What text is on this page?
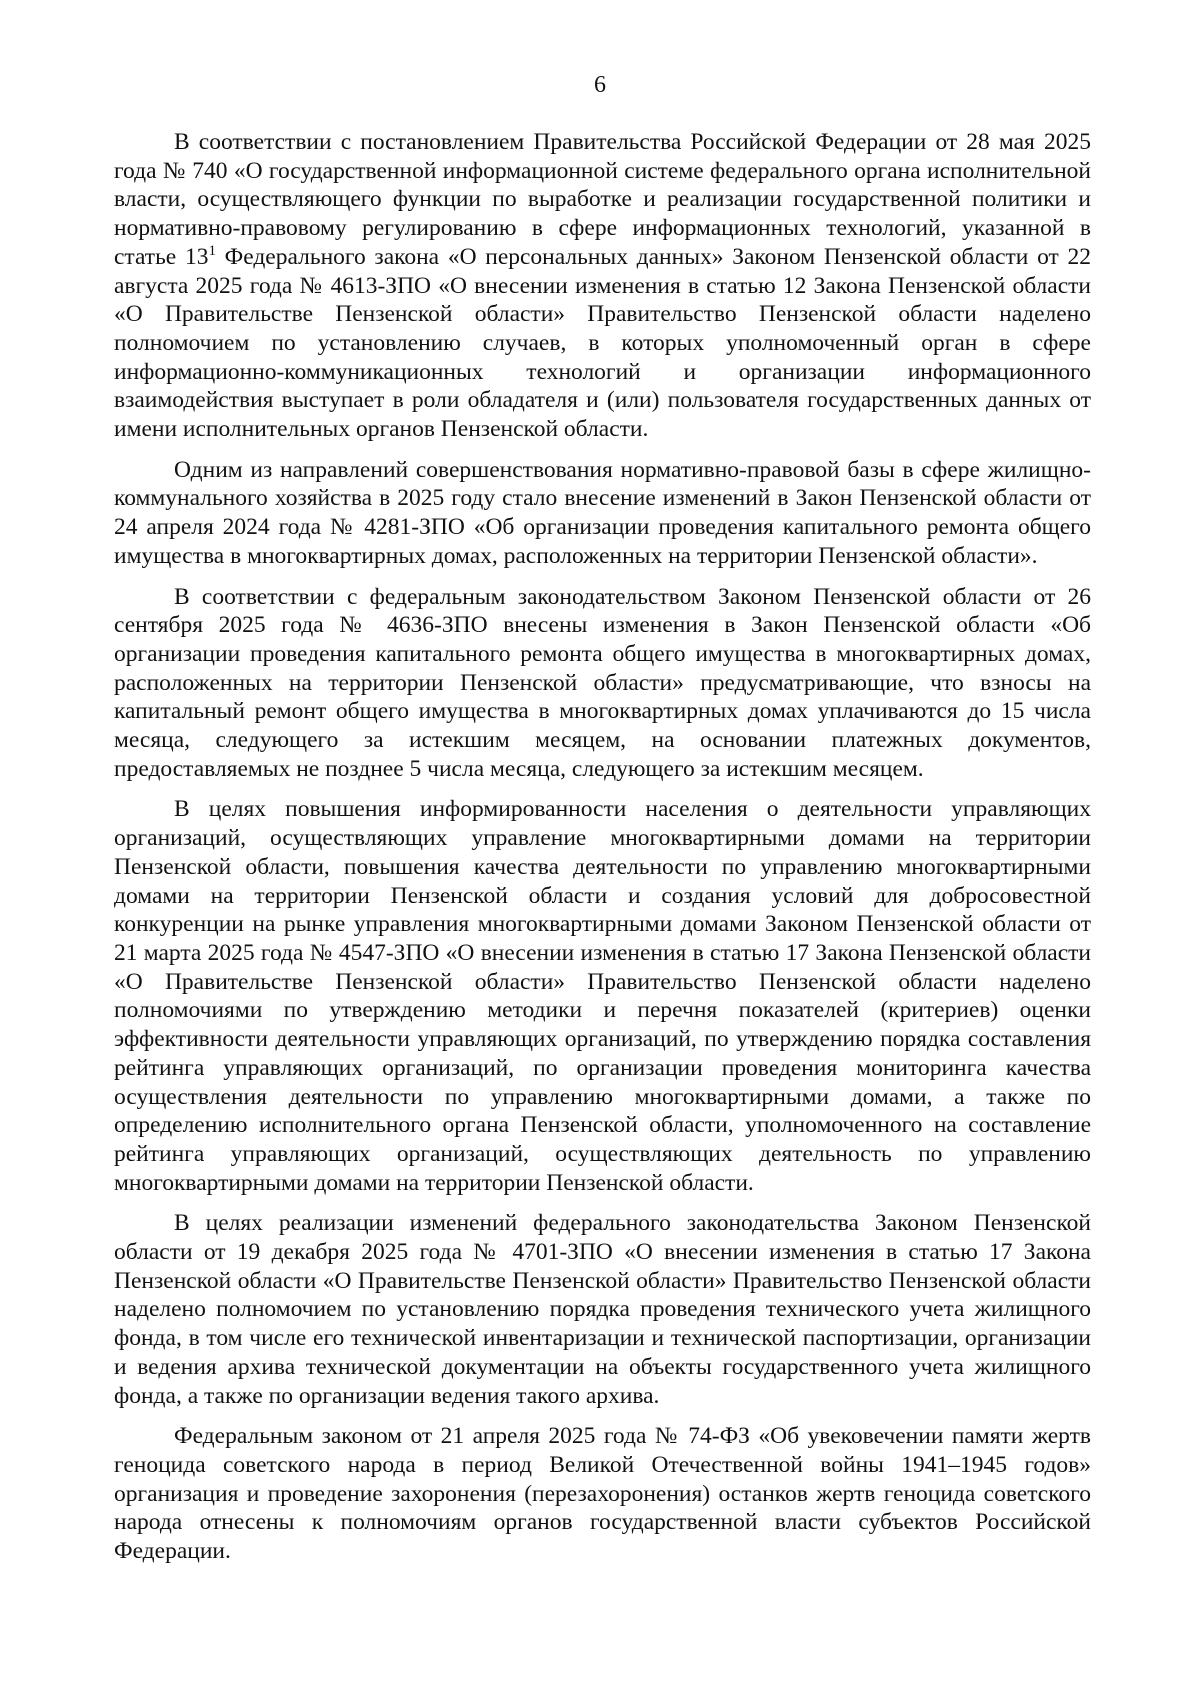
6

В соответствии с постановлением Правительства Российской Федерации от 28 мая 2025 года № 740 «О государственной информационной системе федерального органа исполнительной власти, осуществляющего функции по выработке и реализации государственной политики и нормативно-правовому регулированию в сфере информационных технологий, указанной в статье $13^1$ Федерального закона «О персональных данных» Законом Пензенской области от 22 августа 2025 года № 4613-ЗПО «О внесении изменения в статью 12 Закона Пензенской области «О Правительстве Пензенской области» Правительство Пензенской области наделено полномочием по установлению случаев, в которых уполномоченный орган в сфере информационно-коммуникационных технологий и организации информационного взаимодействия выступает в роли обладателя и (или) пользователя государственных данных от имени исполнительных органов Пензенской области.

Одним из направлений совершенствования нормативно-правовой базы в сфере жилищно-коммунального хозяйства в 2025 году стало внесение изменений в Закон Пензенской области от 24 апреля 2024 года № 4281-ЗПО «Об организации проведения капитального ремонта общего имущества в многоквартирных домах, расположенных на территории Пензенской области».

В соответствии с федеральным законодательством Законом Пензенской области от 26 сентября 2025 года № 4636-ЗПО внесены изменения в Закон Пензенской области «Об организации проведения капитального ремонта общего имущества в многоквартирных домах, расположенных на территории Пензенской области» предусматривающие, что взносы на капитальный ремонт общего имущества в многоквартирных домах уплачиваются до 15 числа месяца, следующего за истекшим месяцем, на основании платежных документов, предоставляемых не позднее 5 числа месяца, следующего за истекшим месяцем.

В целях повышения информированности населения о деятельности управляющих организаций, осуществляющих управление многоквартирными домами на территории Пензенской области, повышения качества деятельности по управлению многоквартирными домами на территории Пензенской области и создания условий для добросовестной конкуренции на рынке управления многоквартирными домами Законом Пензенской области от 21 марта 2025 года № 4547-ЗПО «О внесении изменения в статью 17 Закона Пензенской области «О Правительстве Пензенской области» Правительство Пензенской области наделено полномочиями по утверждению методики и перечня показателей (критериев) оценки эффективности деятельности управляющих организаций, по утверждению порядка составления рейтинга управляющих организаций, по организации проведения мониторинга качества осуществления деятельности по управлению многоквартирными домами, а также по определению исполнительного органа Пензенской области, уполномоченного на составление рейтинга управляющих организаций, осуществляющих деятельность по управлению многоквартирными домами на территории Пензенской области.

В целях реализации изменений федерального законодательства Законом Пензенской области от 19 декабря 2025 года № 4701-ЗПО «О внесении изменения в статью 17 Закона Пензенской области «О Правительстве Пензенской области» Правительство Пензенской области наделено полномочием по установлению порядка проведения технического учета жилищного фонда, в том числе его технической инвентаризации и технической паспортизации, организации и ведения архива технической документации на объекты государственного учета жилищного фонда, а также по организации ведения такого архива.

Федеральным законом от 21 апреля 2025 года № 74-ФЗ «Об увековечении памяти жертв геноцида советского народа в период Великой Отечественной войны 1941–1945 годов» организация и проведение захоронения (перезахоронения) останков жертв геноцида советского народа отнесены к полномочиям органов государственной власти субъектов Российской Федерации.
